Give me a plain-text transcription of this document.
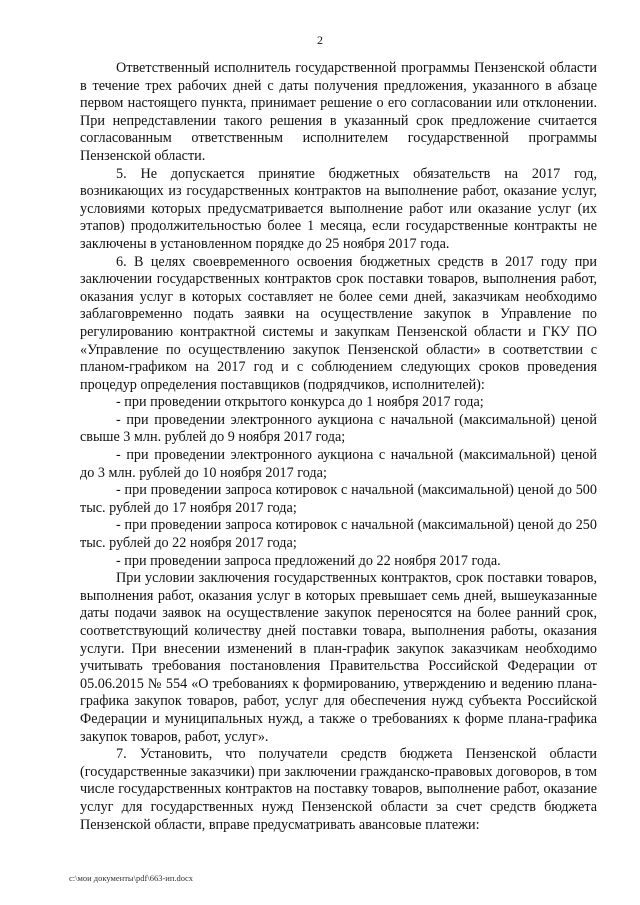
2

Ответственный исполнитель государственной программы Пензенской области в течение трех рабочих дней с даты получения предложения, указанного в абзаце первом настоящего пункта, принимает решение о его согласовании или отклонении. При непредставлении такого решения в указанный срок предложение считается согласованным ответственным исполнителем государственной программы Пензенской области.

5. Не допускается принятие бюджетных обязательств на 2017 год, возникающих из государственных контрактов на выполнение работ, оказание услуг, условиями которых предусматривается выполнение работ или оказание услуг (их этапов) продолжительностью более 1 месяца, если государственные контракты не заключены в установленном порядке до 25 ноября 2017 года.

6. В целях своевременного освоения бюджетных средств в 2017 году при заключении государственных контрактов срок поставки товаров, выполнения работ, оказания услуг в которых составляет не более семи дней, заказчикам необходимо заблаговременно подать заявки на осуществление закупок в Управление по регулированию контрактной системы и закупкам Пензенской области и ГКУ ПО «Управление по осуществлению закупок Пензенской области» в соответствии с планом-графиком на 2017 год и с соблюдением следующих сроков проведения процедур определения поставщиков (подрядчиков, исполнителей):

- при проведении открытого конкурса до 1 ноября 2017 года;

- при проведении электронного аукциона с начальной (максимальной) ценой свыше 3 млн. рублей до 9 ноября 2017 года;

- при проведении электронного аукциона с начальной (максимальной) ценой до 3 млн. рублей до 10 ноября 2017 года;

- при проведении запроса котировок с начальной (максимальной) ценой до 500 тыс. рублей до 17 ноября 2017 года;

- при проведении запроса котировок с начальной (максимальной) ценой до 250 тыс. рублей до 22 ноября 2017 года;

- при проведении запроса предложений до 22 ноября 2017 года.

При условии заключения государственных контрактов, срок поставки товаров, выполнения работ, оказания услуг в которых превышает семь дней, вышеуказанные даты подачи заявок на осуществление закупок переносятся на более ранний срок, соответствующий количеству дней поставки товара, выполнения работы, оказания услуги. При внесении изменений в план-график закупок заказчикам необходимо учитывать требования постановления Правительства Российской Федерации от 05.06.2015 № 554 «О требованиях к формированию, утверждению и ведению плана-графика закупок товаров, работ, услуг для обеспечения нужд субъекта Российской Федерации и муниципальных нужд, а также о требованиях к форме плана-графика закупок товаров, работ, услуг».

7. Установить, что получатели средств бюджета Пензенской области (государственные заказчики) при заключении гражданско-правовых договоров, в том числе государственных контрактов на поставку товаров, выполнение работ, оказание услуг для государственных нужд Пензенской области за счет средств бюджета Пензенской области, вправе предусматривать авансовые платежи:

c:\мои документы\pdf\663-ип.docx
